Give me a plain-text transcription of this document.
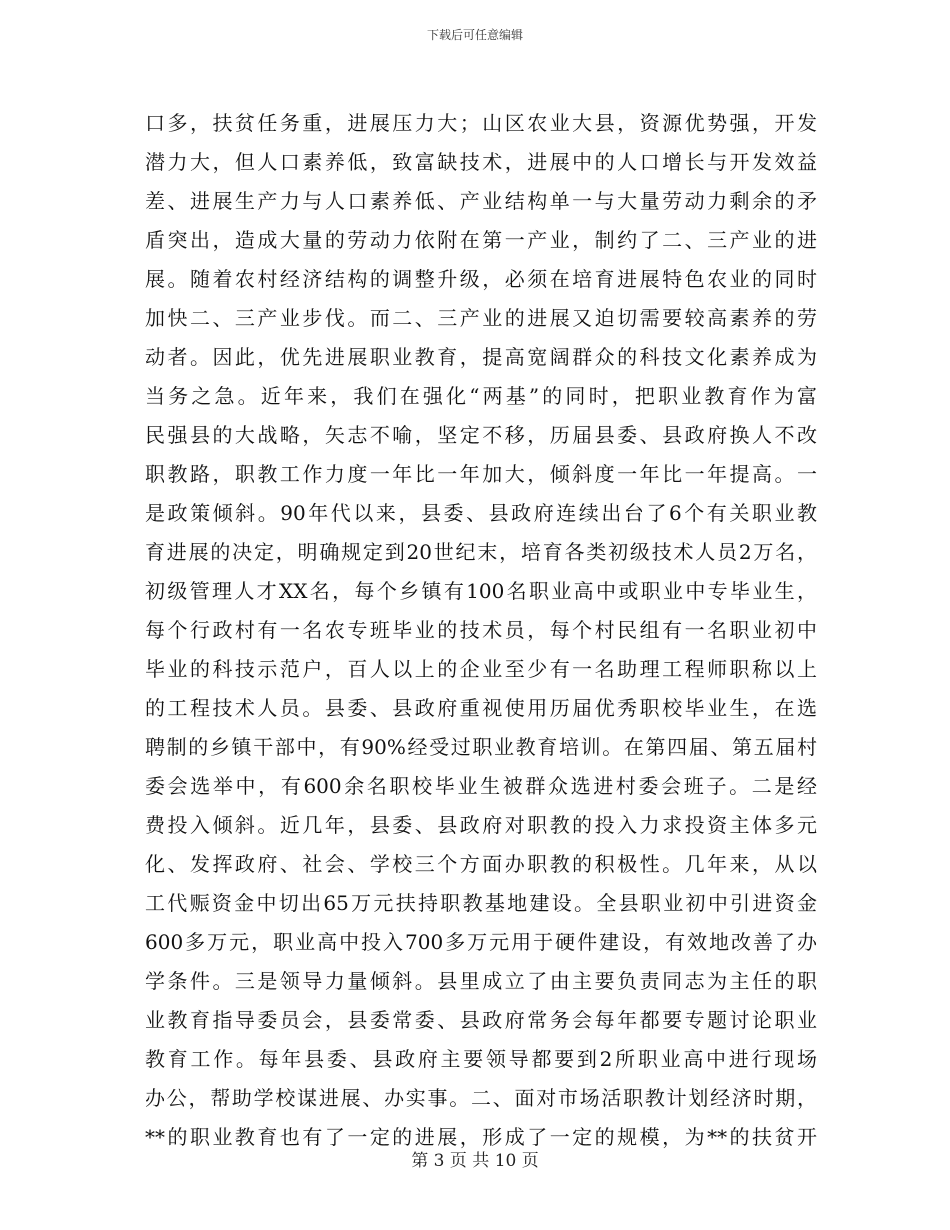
下载后可任意编辑
口多，扶贫任务重，进展压力大；山区农业大县，资源优势强，开发
潜力大，但人口素养低，致富缺技术，进展中的人口增长与开发效益
差、进展生产力与人口素养低、产业结构单一与大量劳动力剩余的矛
盾突出，造成大量的劳动力依附在第一产业，制约了二、三产业的进
展。随着农村经济结构的调整升级，必须在培育进展特色农业的同时
加快二、三产业步伐。而二、三产业的进展又迫切需要较高素养的劳
动者。因此，优先进展职业教育，提高宽阔群众的科技文化素养成为
当务之急。近年来，我们在强化“两基”的同时，把职业教育作为富
民强县的大战略，矢志不喻，坚定不移，历届县委、县政府换人不改
职教路，职教工作力度一年比一年加大，倾斜度一年比一年提高。一
是政策倾斜。90年代以来，县委、县政府连续出台了6个有关职业教
育进展的决定，明确规定到20世纪末，培育各类初级技术人员2万名，
初级管理人才XX名，每个乡镇有100名职业高中或职业中专毕业生，
每个行政村有一名农专班毕业的技术员，每个村民组有一名职业初中
毕业的科技示范户，百人以上的企业至少有一名助理工程师职称以上
的工程技术人员。县委、县政府重视使用历届优秀职校毕业生，在选
聘制的乡镇干部中，有90%经受过职业教育培训。在第四届、第五届村
委会选举中，有600余名职校毕业生被群众选进村委会班子。二是经
费投入倾斜。近几年，县委、县政府对职教的投入力求投资主体多元
化、发挥政府、社会、学校三个方面办职教的积极性。几年来，从以
工代赈资金中切出65万元扶持职教基地建设。全县职业初中引进资金
600多万元，职业高中投入700多万元用于硬件建设，有效地改善了办
学条件。三是领导力量倾斜。县里成立了由主要负责同志为主任的职
业教育指导委员会，县委常委、县政府常务会每年都要专题讨论职业
教育工作。每年县委、县政府主要领导都要到2所职业高中进行现场
办公，帮助学校谋进展、办实事。二、面对市场活职教计划经济时期，
**的职业教育也有了一定的进展，形成了一定的规模，为**的扶贫开
第 3 页 共 10 页
